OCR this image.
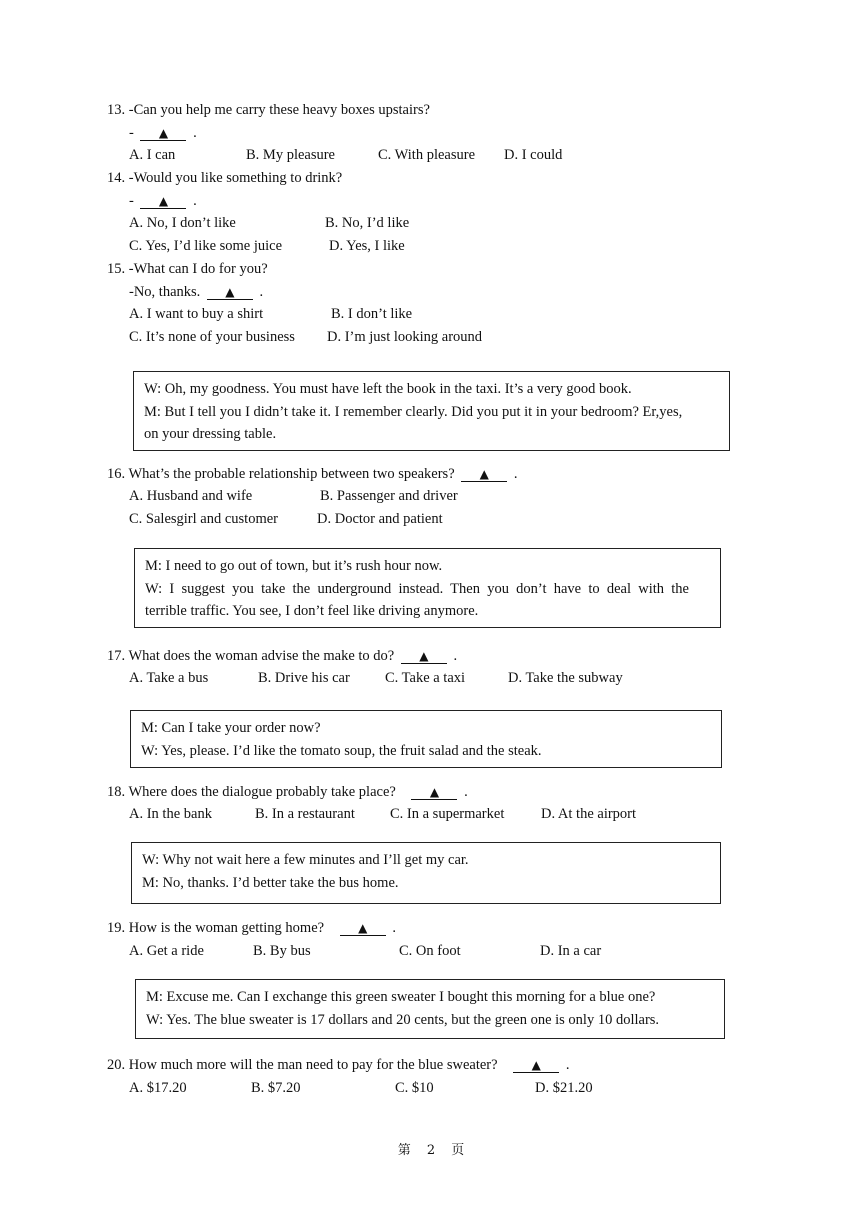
13. -Can you help me carry these heavy boxes upstairs?
- ▲ .
A. I can	B. My pleasure	C. With pleasure D. I could
14. -Would you like something to drink?
- ▲ .
A. No, I don’t like	B. No, I’d like
C. Yes, I’d like some juice	D. Yes, I like
15. -What can I do for you?
-No, thanks. ▲ .
A. I want to buy a shirt	B. I don’t like
C. It’s none of your business D. I’m just looking around
W: Oh, my goodness. You must have left the book in the taxi. It’s a very good book.
M: But I tell you I didn’t take it. I remember clearly. Did you put it in your bedroom? Er,yes,
on your dressing table.
16. What’s the probable relationship between two speakers? ▲ .
A. Husband and wife	B. Passenger and driver
C. Salesgirl and customer	D. Doctor and patient
M: I need to go out of town, but it’s rush hour now.
W: I suggest you take the underground instead. Then you don’t have to deal with the
terrible traffic. You see, I don’t feel like driving anymore.
17. What does the woman advise the make to do? ▲ .
A. Take a bus	B. Drive his car C. Take a taxi	D. Take the subway
M: Can I take your order now?
W: Yes, please. I’d like the tomato soup, the fruit salad and the steak.
18. Where does the dialogue probably take place?	▲ .
A. In the bank	B. In a restaurant C. In a supermarket	D. At the airport
W: Why not wait here a few minutes and I’ll get my car.
M: No, thanks. I’d better take the bus home.
19. How is the woman getting home?	▲ .
A. Get a ride	B. By bus	C. On foot	D. In a car
M: Excuse me. Can I exchange this green sweater I bought this morning for a blue one?
W: Yes. The blue sweater is 17 dollars and 20 cents, but the green one is only 10 dollars.
20. How much more will the man need to pay for the blue sweater?	▲ .
A. $17.20	B. $7.20	C. $10	D. $21.20
第 2 页
